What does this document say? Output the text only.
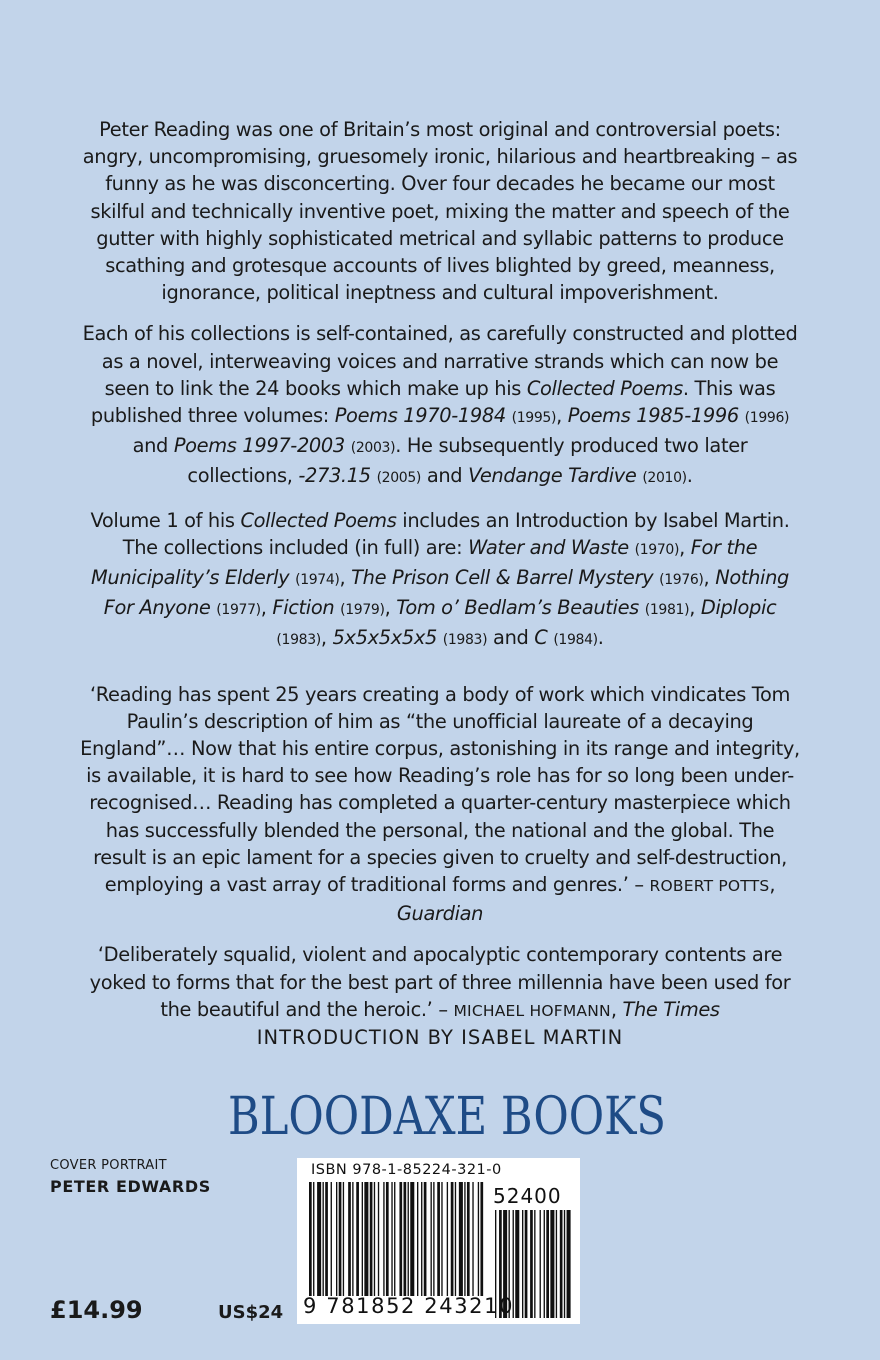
Peter Reading was one of Britain’s most original and controversial poets: angry, uncompromising, gruesomely ironic, hilarious and heartbreaking – as funny as he was disconcerting. Over four decades he became our most skilful and technically inventive poet, mixing the matter and speech of the gutter with highly sophisticated metrical and syllabic patterns to produce scathing and grotesque accounts of lives blighted by greed, meanness, ignorance, political ineptness and cultural impoverishment.

Each of his collections is self-contained, as carefully constructed and plotted as a novel, interweaving voices and narrative strands which can now be seen to link the 24 books which make up his Collected Poems. This was published three volumes: Poems 1970-1984 (1995), Poems 1985-1996 (1996) and Poems 1997-2003 (2003). He subsequently produced two later collections, -273.15 (2005) and Vendange Tardive (2010).

Volume 1 of his Collected Poems includes an Introduction by Isabel Martin. The collections included (in full) are: Water and Waste (1970), For the Municipality’s Elderly (1974), The Prison Cell & Barrel Mystery (1976), Nothing For Anyone (1977), Fiction (1979), Tom o’ Bedlam’s Beauties (1981), Diplopic (1983), 5x5x5x5x5 (1983) and C (1984).

‘Reading has spent 25 years creating a body of work which vindicates Tom Paulin’s description of him as “the unofficial laureate of a decaying England”… Now that his entire corpus, astonishing in its range and integrity, is available, it is hard to see how Reading’s role has for so long been under-recognised… Reading has completed a quarter-century masterpiece which has successfully blended the personal, the national and the global. The result is an epic lament for a species given to cruelty and self-destruction, employing a vast array of traditional forms and genres.’ – ROBERT POTTS, Guardian

‘Deliberately squalid, violent and apocalyptic contemporary contents are yoked to forms that for the best part of three millennia have been used for the beautiful and the heroic.’ – MICHAEL HOFMANN, The Times

INTRODUCTION BY ISABEL MARTIN
BLOODAXE BOOKS
COVER PORTRAIT
PETER EDWARDS
£14.99	US$24
ISBN 978-1-85224-321-0
52400
9 781852 243210
